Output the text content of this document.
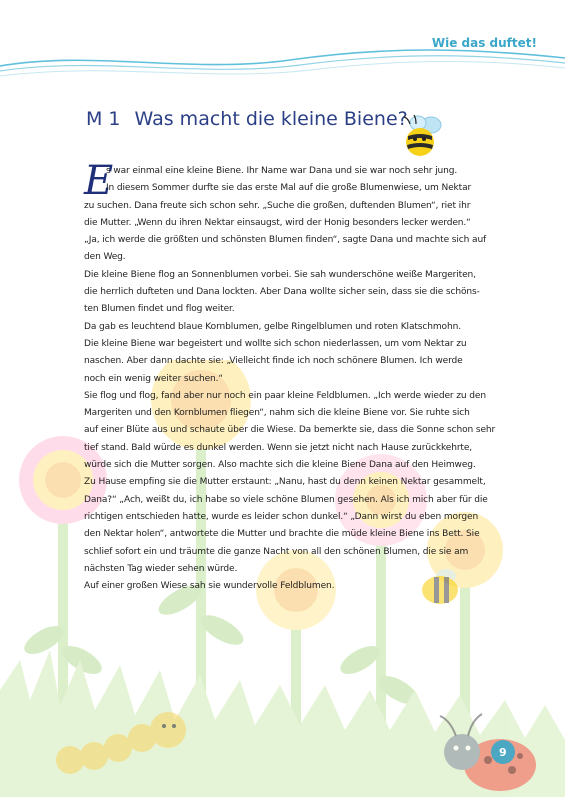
Wie das duftet!
M 1 Was macht die kleine Biene?
E
s war einmal eine kleine Biene. Ihr Name war Dana und sie war noch sehr jung.
In diesem Sommer durfte sie das erste Mal auf die große Blumenwiese, um Nektar
zu suchen. Dana freute sich schon sehr. „Suche die großen, duftenden Blumen“, riet ihr
die Mutter. „Wenn du ihren Nektar einsaugst, wird der Honig besonders lecker werden.“
„Ja, ich werde die größten und schönsten Blumen finden“, sagte Dana und machte sich auf
den Weg.
Die kleine Biene flog an Sonnenblumen vorbei. Sie sah wunderschöne weiße Margeriten,
die herrlich dufteten und Dana lockten. Aber Dana wollte sicher sein, dass sie die schöns-
ten Blumen findet und flog weiter.
Da gab es leuchtend blaue Kornblumen, gelbe Ringelblumen und roten Klatschmohn.
Die kleine Biene war begeistert und wollte sich schon niederlassen, um vom Nektar zu
naschen. Aber dann dachte sie: „Vielleicht finde ich noch schönere Blumen. Ich werde
noch ein wenig weiter suchen.“
Sie flog und flog, fand aber nur noch ein paar kleine Feldblumen. „Ich werde wieder zu den
Margeriten und den Kornblumen fliegen“, nahm sich die kleine Biene vor. Sie ruhte sich
auf einer Blüte aus und schaute über die Wiese. Da bemerkte sie, dass die Sonne schon sehr
tief stand. Bald würde es dunkel werden. Wenn sie jetzt nicht nach Hause zurückkehrte,
würde sich die Mutter sorgen. Also machte sich die kleine Biene Dana auf den Heimweg.
Zu Hause empfing sie die Mutter erstaunt: „Nanu, hast du denn keinen Nektar gesammelt,
Dana?“ „Ach, weißt du, ich habe so viele schöne Blumen gesehen. Als ich mich aber für die
richtigen entschieden hatte, wurde es leider schon dunkel.“ „Dann wirst du eben morgen
den Nektar holen“, antwortete die Mutter und brachte die müde kleine Biene ins Bett. Sie
schlief sofort ein und träumte die ganze Nacht von all den schönen Blumen, die sie am
nächsten Tag wieder sehen würde.
Auf einer großen Wiese sah sie wundervolle Feldblumen.
9
